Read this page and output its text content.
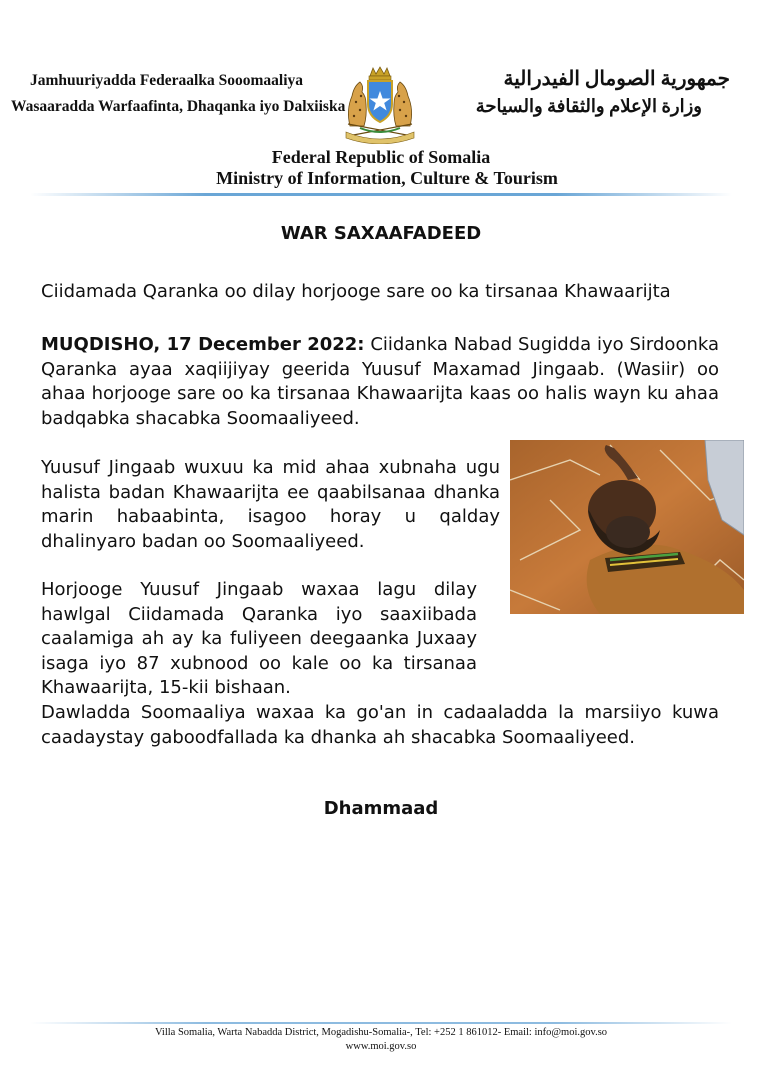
Jamhuuriyadda Federaalka Sooomaaliya
Wasaaradda Warfaafinta, Dhaqanka iyo Dalxiiska
جمهورية الصومال الفيدرالية
وزارة الإعلام والثقافة والسياحة
Federal Republic of Somalia
Ministry of Information, Culture & Tourism
WAR SAXAAFADEED
Ciidamada Qaranka oo dilay horjooge sare oo ka tirsanaa Khawaarijta
MUQDISHO, 17 December 2022: Ciidanka Nabad Sugidda iyo Sirdoonka Qaranka ayaa xaqiijiyay geerida Yuusuf Maxamad Jingaab. (Wasiir) oo ahaa horjooge sare oo ka tirsanaa Khawaarijta kaas oo halis wayn ku ahaa badqabka shacabka Soomaaliyeed.
Yuusuf Jingaab wuxuu ka mid ahaa xubnaha ugu halista badan Khawaarijta ee qaabilsanaa dhanka marin habaabinta, isagoo horay u qalday dhalinyaro badan oo Soomaaliyeed.
Horjooge Yuusuf Jingaab waxaa lagu dilay hawlgal Ciidamada Qaranka iyo saaxiibada caalamiga ah ay ka fuliyeen deegaanka Juxaay isaga iyo 87 xubnood oo kale oo ka tirsanaa Khawaarijta, 15-kii bishaan.
Dawladda Soomaaliya waxaa ka go'an in cadaaladda la marsiiyo kuwa caadaystay gaboodfallada ka dhanka ah shacabka Soomaaliyeed.
Dhammaad
Villa Somalia, Warta Nabadda District, Mogadishu-Somalia-, Tel: +252 1 861012- Email: info@moi.gov.so
www.moi.gov.so
